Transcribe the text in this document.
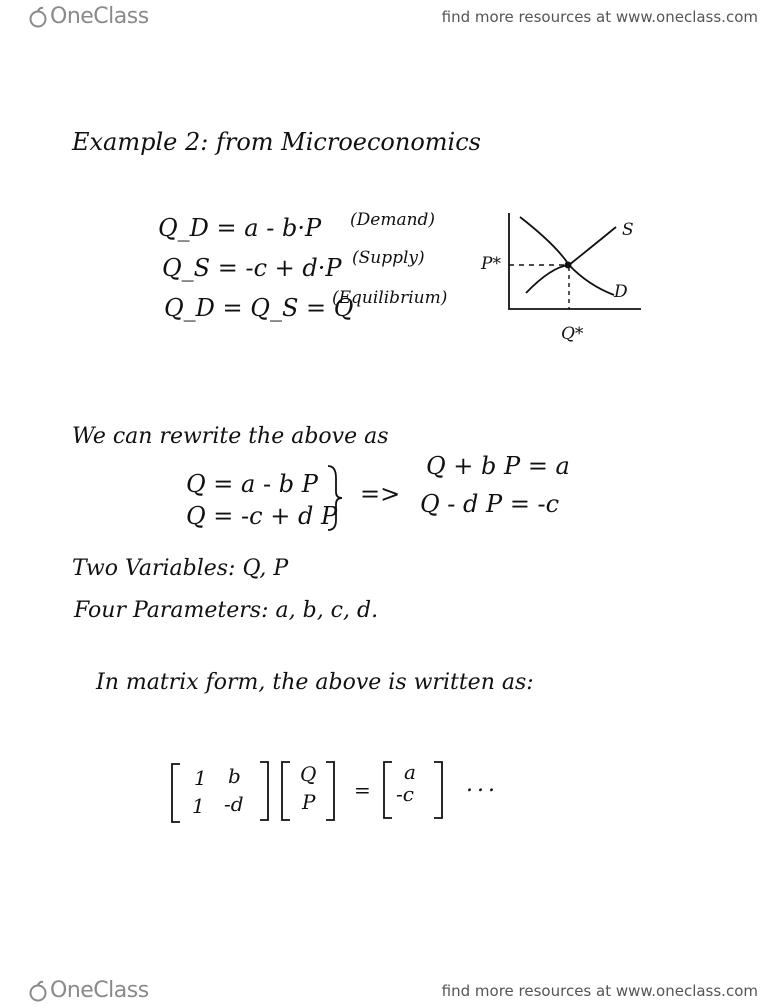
OneClass	find more resources at www.oneclass.com
Example 2: from Microeconomics
Q_D = a - b·P (Demand)
Q_S = -c + d·P (Supply)
Q_D = Q_S = Q
(Equilibrium)
S
D
P*
Q*
We can rewrite the above as
Q = a - b P
Q = -c + d P
=>
Q + b P = a
Q - d P = -c
Two Variables: Q, P
Four Parameters: a, b, c, d.
In matrix form, the above is written as:
1 b
1 -d
Q
P =
a
-c ...
OneClass	find more resources at www.oneclass.com
